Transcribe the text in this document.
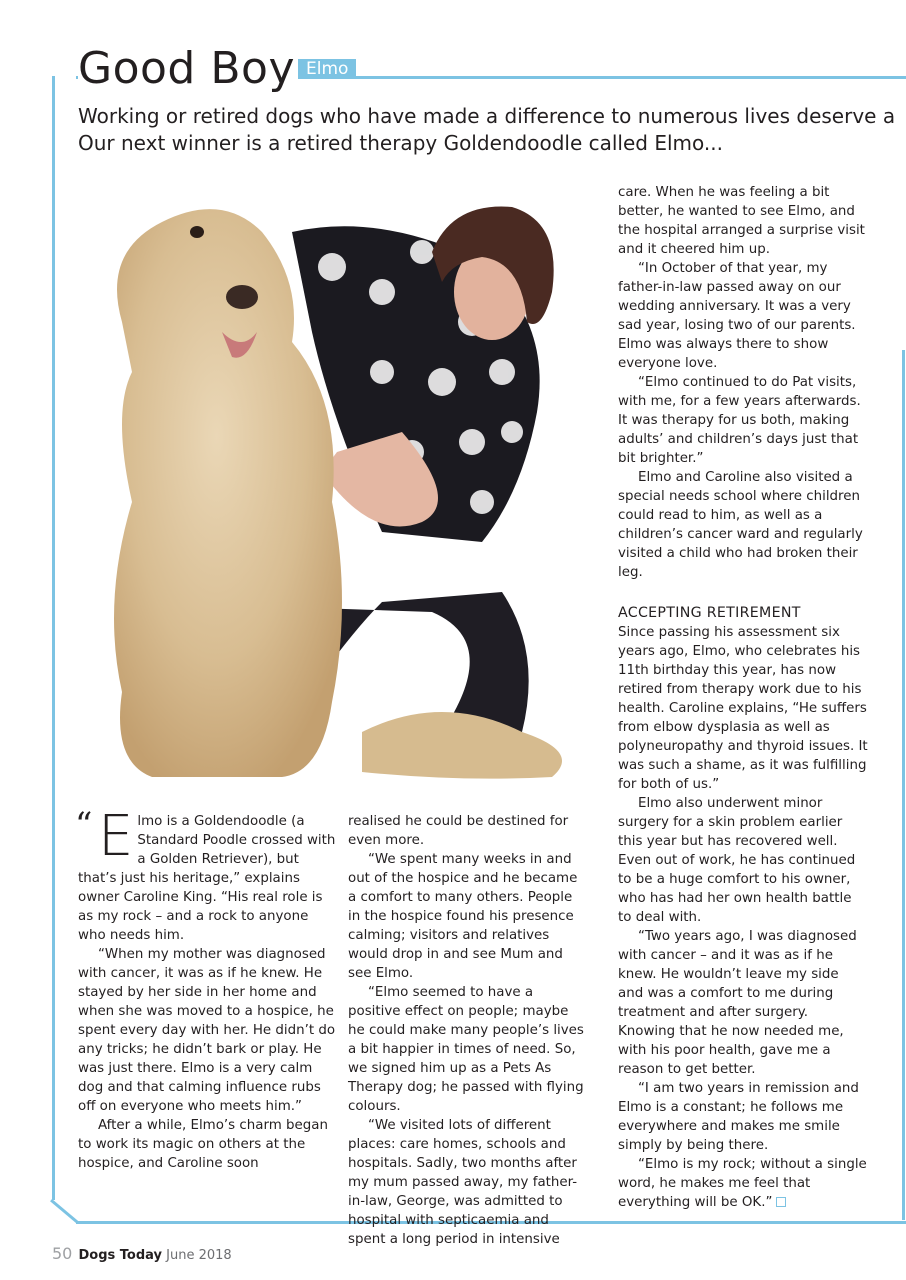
Good Boy Elmo
Working or retired dogs who have made a difference to numerous lives deserve a
Our next winner is a retired therapy Goldendoodle called Elmo...
“ E lmo is a Goldendoodle (a Standard Poodle crossed with a Golden Retriever), but that’s just his heritage,” explains owner Caroline King. “His real role is as my rock – and a rock to anyone who needs him.

“When my mother was diagnosed with cancer, it was as if he knew. He stayed by her side in her home and when she was moved to a hospice, he spent every day with her. He didn’t do any tricks; he didn’t bark or play. He was just there. Elmo is a very calm dog and that calming influence rubs off on everyone who meets him.”

After a while, Elmo’s charm began to work its magic on others at the hospice, and Caroline soon

realised he could be destined for even more.

“We spent many weeks in and out of the hospice and he became a comfort to many others. People in the hospice found his presence calming; visitors and relatives would drop in and see Mum and see Elmo.

“Elmo seemed to have a positive effect on people; maybe he could make many people’s lives a bit happier in times of need. So, we signed him up as a Pets As Therapy dog; he passed with flying colours.

“We visited lots of different places: care homes, schools and hospitals. Sadly, two months after my mum passed away, my father-in-law, George, was admitted to hospital with septicaemia and spent a long period in intensive

care. When he was feeling a bit better, he wanted to see Elmo, and the hospital arranged a surprise visit and it cheered him up.

“In October of that year, my father-in-law passed away on our wedding anniversary. It was a very sad year, losing two of our parents. Elmo was always there to show everyone love.

“Elmo continued to do Pat visits, with me, for a few years afterwards. It was therapy for us both, making adults’ and children’s days just that bit brighter.”

Elmo and Caroline also visited a special needs school where children could read to him, as well as a children’s cancer ward and regularly visited a child who had broken their leg.

ACCEPTING RETIREMENT

Since passing his assessment six years ago, Elmo, who celebrates his 11th birthday this year, has now retired from therapy work due to his health. Caroline explains, “He suffers from elbow dysplasia as well as polyneuropathy and thyroid issues. It was such a shame, as it was fulfilling for both of us.”

Elmo also underwent minor surgery for a skin problem earlier this year but has recovered well. Even out of work, he has continued to be a huge comfort to his owner, who has had her own health battle to deal with.

“Two years ago, I was diagnosed with cancer – and it was as if he knew. He wouldn’t leave my side and was a comfort to me during treatment and after surgery. Knowing that he now needed me, with his poor health, gave me a reason to get better.

“I am two years in remission and Elmo is a constant; he follows me everywhere and makes me smile simply by being there.

“Elmo is my rock; without a single word, he makes me feel that everything will be OK.”

50 Dogs Today June 2018
